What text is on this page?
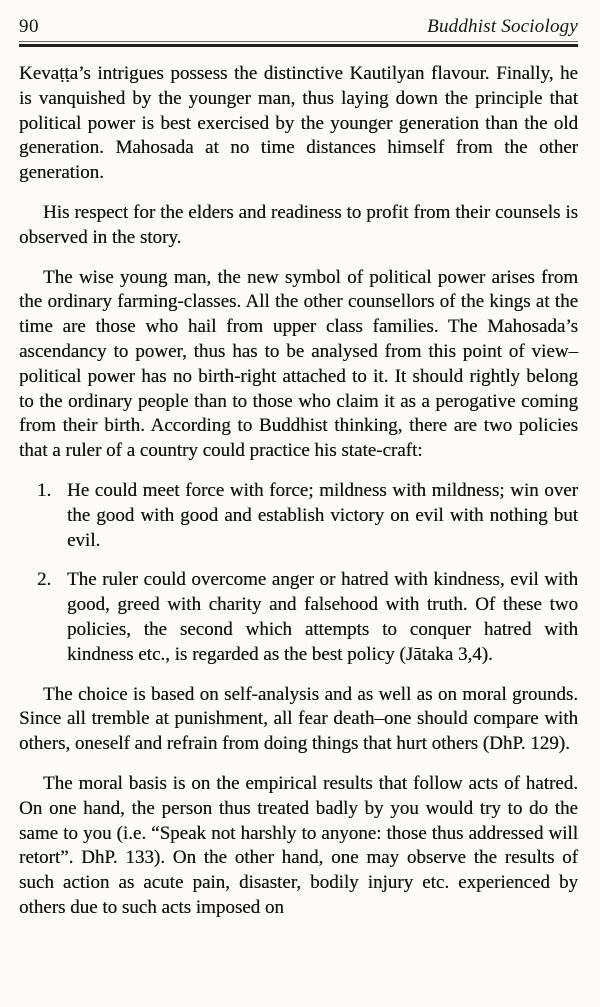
90	Buddhist Sociology

Kevaṭṭa’s intrigues possess the distinctive Kautilyan flavour. Finally, he is vanquished by the younger man, thus laying down the principle that political power is best exercised by the younger generation than the old generation. Mahosada at no time distances himself from the other generation.

His respect for the elders and readiness to profit from their counsels is observed in the story.

The wise young man, the new symbol of political power arises from the ordinary farming-classes. All the other counsellors of the kings at the time are those who hail from upper class families. The Mahosada’s ascendancy to power, thus has to be analysed from this point of view–political power has no birth-right attached to it. It should rightly belong to the ordinary people than to those who claim it as a perogative coming from their birth. According to Buddhist thinking, there are two policies that a ruler of a country could practice his state-craft:

1. He could meet force with force; mildness with mildness; win over the good with good and establish victory on evil with nothing but evil.
2. The ruler could overcome anger or hatred with kindness, evil with good, greed with charity and falsehood with truth. Of these two policies, the second which attempts to conquer hatred with kindness etc., is regarded as the best policy (Jātaka 3,4).

The choice is based on self-analysis and as well as on moral grounds. Since all tremble at punishment, all fear death–one should compare with others, oneself and refrain from doing things that hurt others (DhP. 129).

The moral basis is on the empirical results that follow acts of hatred. On one hand, the person thus treated badly by you would try to do the same to you (i.e. “Speak not harshly to anyone: those thus addressed will retort”. DhP. 133). On the other hand, one may observe the results of such action as acute pain, disaster, bodily injury etc. experienced by others due to such acts imposed on
